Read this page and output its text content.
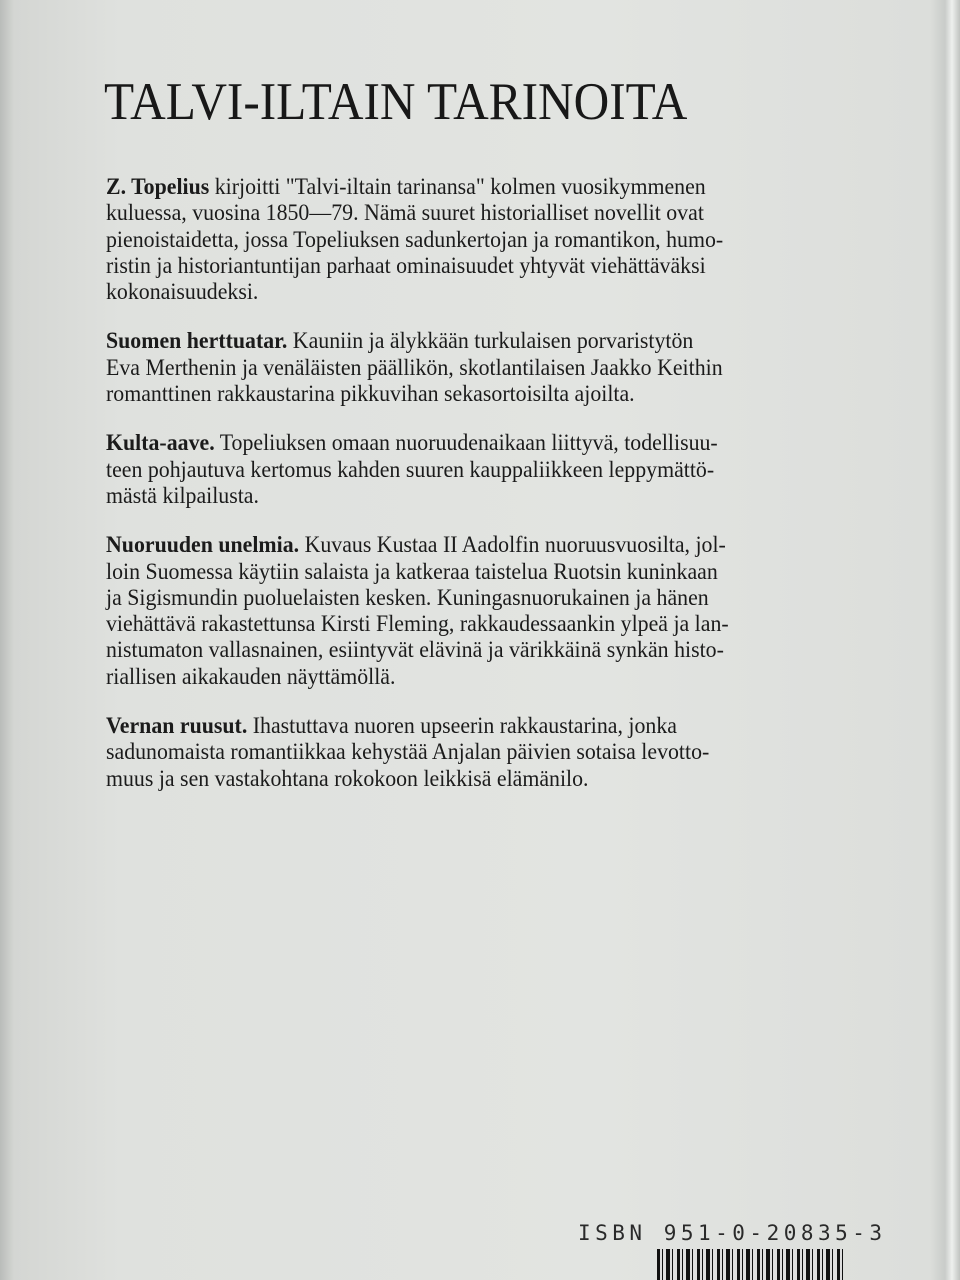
TALVI-ILTAIN TARINOITA
Z. Topelius kirjoitti "Talvi-iltain tarinansa" kolmen vuosikymmenen
kuluessa, vuosina 1850—79. Nämä suuret historialliset novellit ovat
pienoistaidetta, jossa Topeliuksen sadunkertojan ja romantikon, humo-
ristin ja historiantuntijan parhaat ominaisuudet yhtyvät viehättäväksi
kokonaisuudeksi.
Suomen herttuatar. Kauniin ja älykkään turkulaisen porvaristytön
Eva Merthenin ja venäläisten päällikön, skotlantilaisen Jaakko Keithin
romanttinen rakkaustarina pikkuvihan sekasortoisilta ajoilta.
Kulta-aave. Topeliuksen omaan nuoruudenaikaan liittyvä, todellisuu-
teen pohjautuva kertomus kahden suuren kauppaliikkeen leppymättö-
mästä kilpailusta.
Nuoruuden unelmia. Kuvaus Kustaa II Aadolfin nuoruusvuosilta, jol-
loin Suomessa käytiin salaista ja katkeraa taistelua Ruotsin kuninkaan
ja Sigismundin puoluelaisten kesken. Kuningasnuorukainen ja hänen
viehättävä rakastettunsa Kirsti Fleming, rakkaudessaankin ylpeä ja lan-
nistumaton vallasnainen, esiintyvät elävinä ja värikkäinä synkän histo-
riallisen aikakauden näyttämöllä.
Vernan ruusut. Ihastuttava nuoren upseerin rakkaustarina, jonka
sadunomaista romantiikkaa kehystää Anjalan päivien sotaisa levotto-
muus ja sen vastakohtana rokokoon leikkisä elämänilo.
ISBN 951-0-20835-3
